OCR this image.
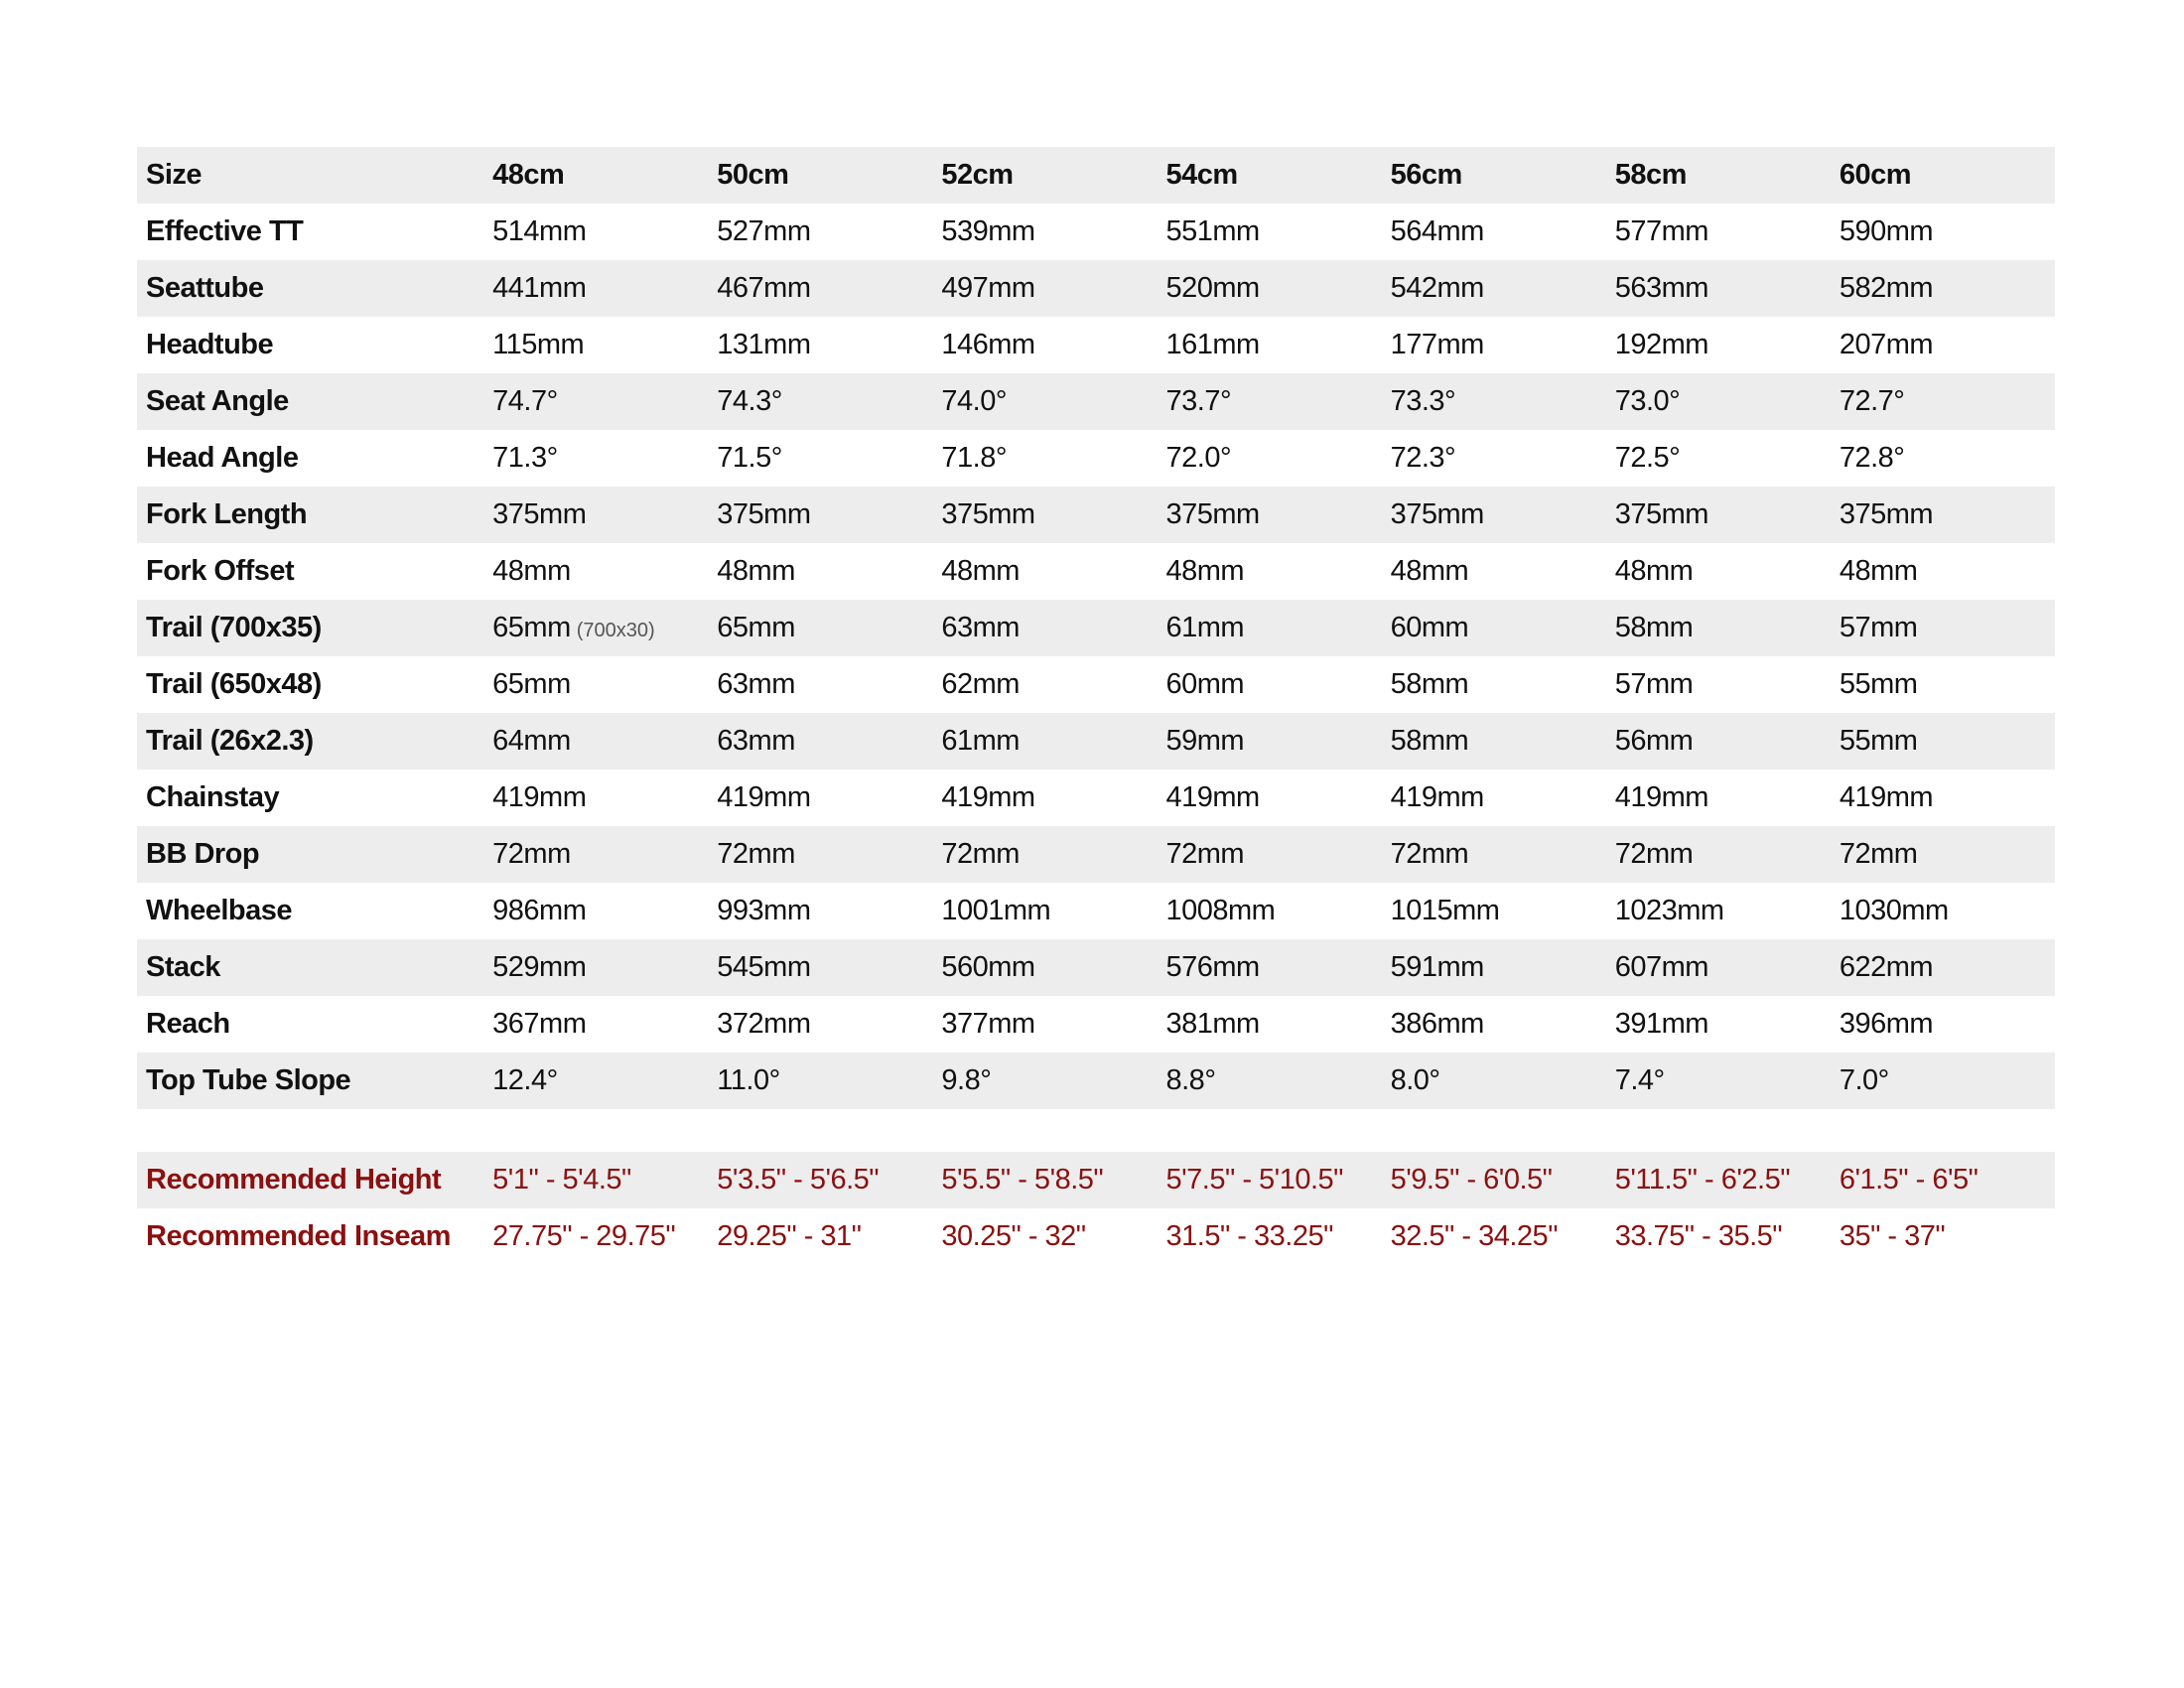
Size	48cm	50cm	52cm	54cm	56cm	58cm	60cm
Effective TT	514mm	527mm	539mm	551mm	564mm	577mm	590mm
Seattube	441mm	467mm	497mm	520mm	542mm	563mm	582mm
Headtube	115mm	131mm	146mm	161mm	177mm	192mm	207mm
Seat Angle	74.7°	74.3°	74.0°	73.7°	73.3°	73.0°	72.7°
Head Angle	71.3°	71.5°	71.8°	72.0°	72.3°	72.5°	72.8°
Fork Length	375mm	375mm	375mm	375mm	375mm	375mm	375mm
Fork Offset	48mm	48mm	48mm	48mm	48mm	48mm	48mm
Trail (700x35)	65mm (700x30)	65mm	63mm	61mm	60mm	58mm	57mm
Trail (650x48)	65mm	63mm	62mm	60mm	58mm	57mm	55mm
Trail (26x2.3)	64mm	63mm	61mm	59mm	58mm	56mm	55mm
Chainstay	419mm	419mm	419mm	419mm	419mm	419mm	419mm
BB Drop	72mm	72mm	72mm	72mm	72mm	72mm	72mm
Wheelbase	986mm	993mm	1001mm	1008mm	1015mm	1023mm	1030mm
Stack	529mm	545mm	560mm	576mm	591mm	607mm	622mm
Reach	367mm	372mm	377mm	381mm	386mm	391mm	396mm
Top Tube Slope	12.4°	11.0°	9.8°	8.8°	8.0°	7.4°	7.0°
Recommended Height	5'1" - 5'4.5"	5'3.5" - 5'6.5"	5'5.5" - 5'8.5"	5'7.5" - 5'10.5"	5'9.5" - 6'0.5"	5'11.5" - 6'2.5"	6'1.5" - 6'5"
Recommended Inseam	27.75" - 29.75"	29.25" - 31"	30.25" - 32"	31.5" - 33.25"	32.5" - 34.25"	33.75" - 35.5"	35" - 37"
